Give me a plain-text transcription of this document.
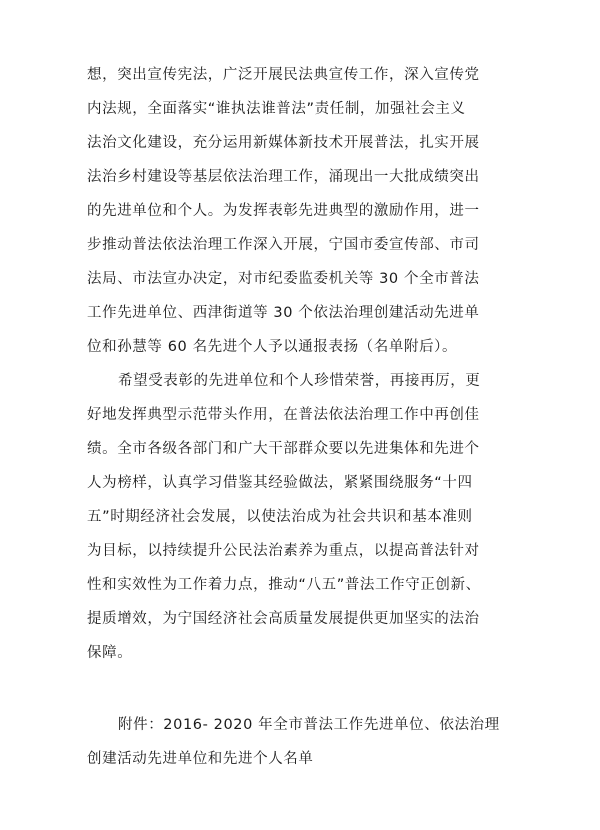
想，突出宣传宪法，广泛开展民法典宣传工作，深入宣传党
内法规，全面落实“谁执法谁普法”责任制，加强社会主义
法治文化建设，充分运用新媒体新技术开展普法，扎实开展
法治乡村建设等基层依法治理工作，涌现出一大批成绩突出
的先进单位和个人。为发挥表彰先进典型的激励作用，进一
步推动普法依法治理工作深入开展，宁国市委宣传部、市司
法局、市法宣办决定，对市纪委监委机关等 30 个全市普法
工作先进单位、西津街道等 30 个依法治理创建活动先进单
位和孙慧等 60 名先进个人予以通报表扬（名单附后）。
希望受表彰的先进单位和个人珍惜荣誉，再接再厉，更
好地发挥典型示范带头作用，在普法依法治理工作中再创佳
绩。全市各级各部门和广大干部群众要以先进集体和先进个
人为榜样，认真学习借鉴其经验做法，紧紧围绕服务“十四
五”时期经济社会发展，以使法治成为社会共识和基本准则
为目标，以持续提升公民法治素养为重点，以提高普法针对
性和实效性为工作着力点，推动“八五”普法工作守正创新、
提质增效，为宁国经济社会高质量发展提供更加坚实的法治
保障。
附件：2016- 2020 年全市普法工作先进单位、依法治理
创建活动先进单位和先进个人名单
